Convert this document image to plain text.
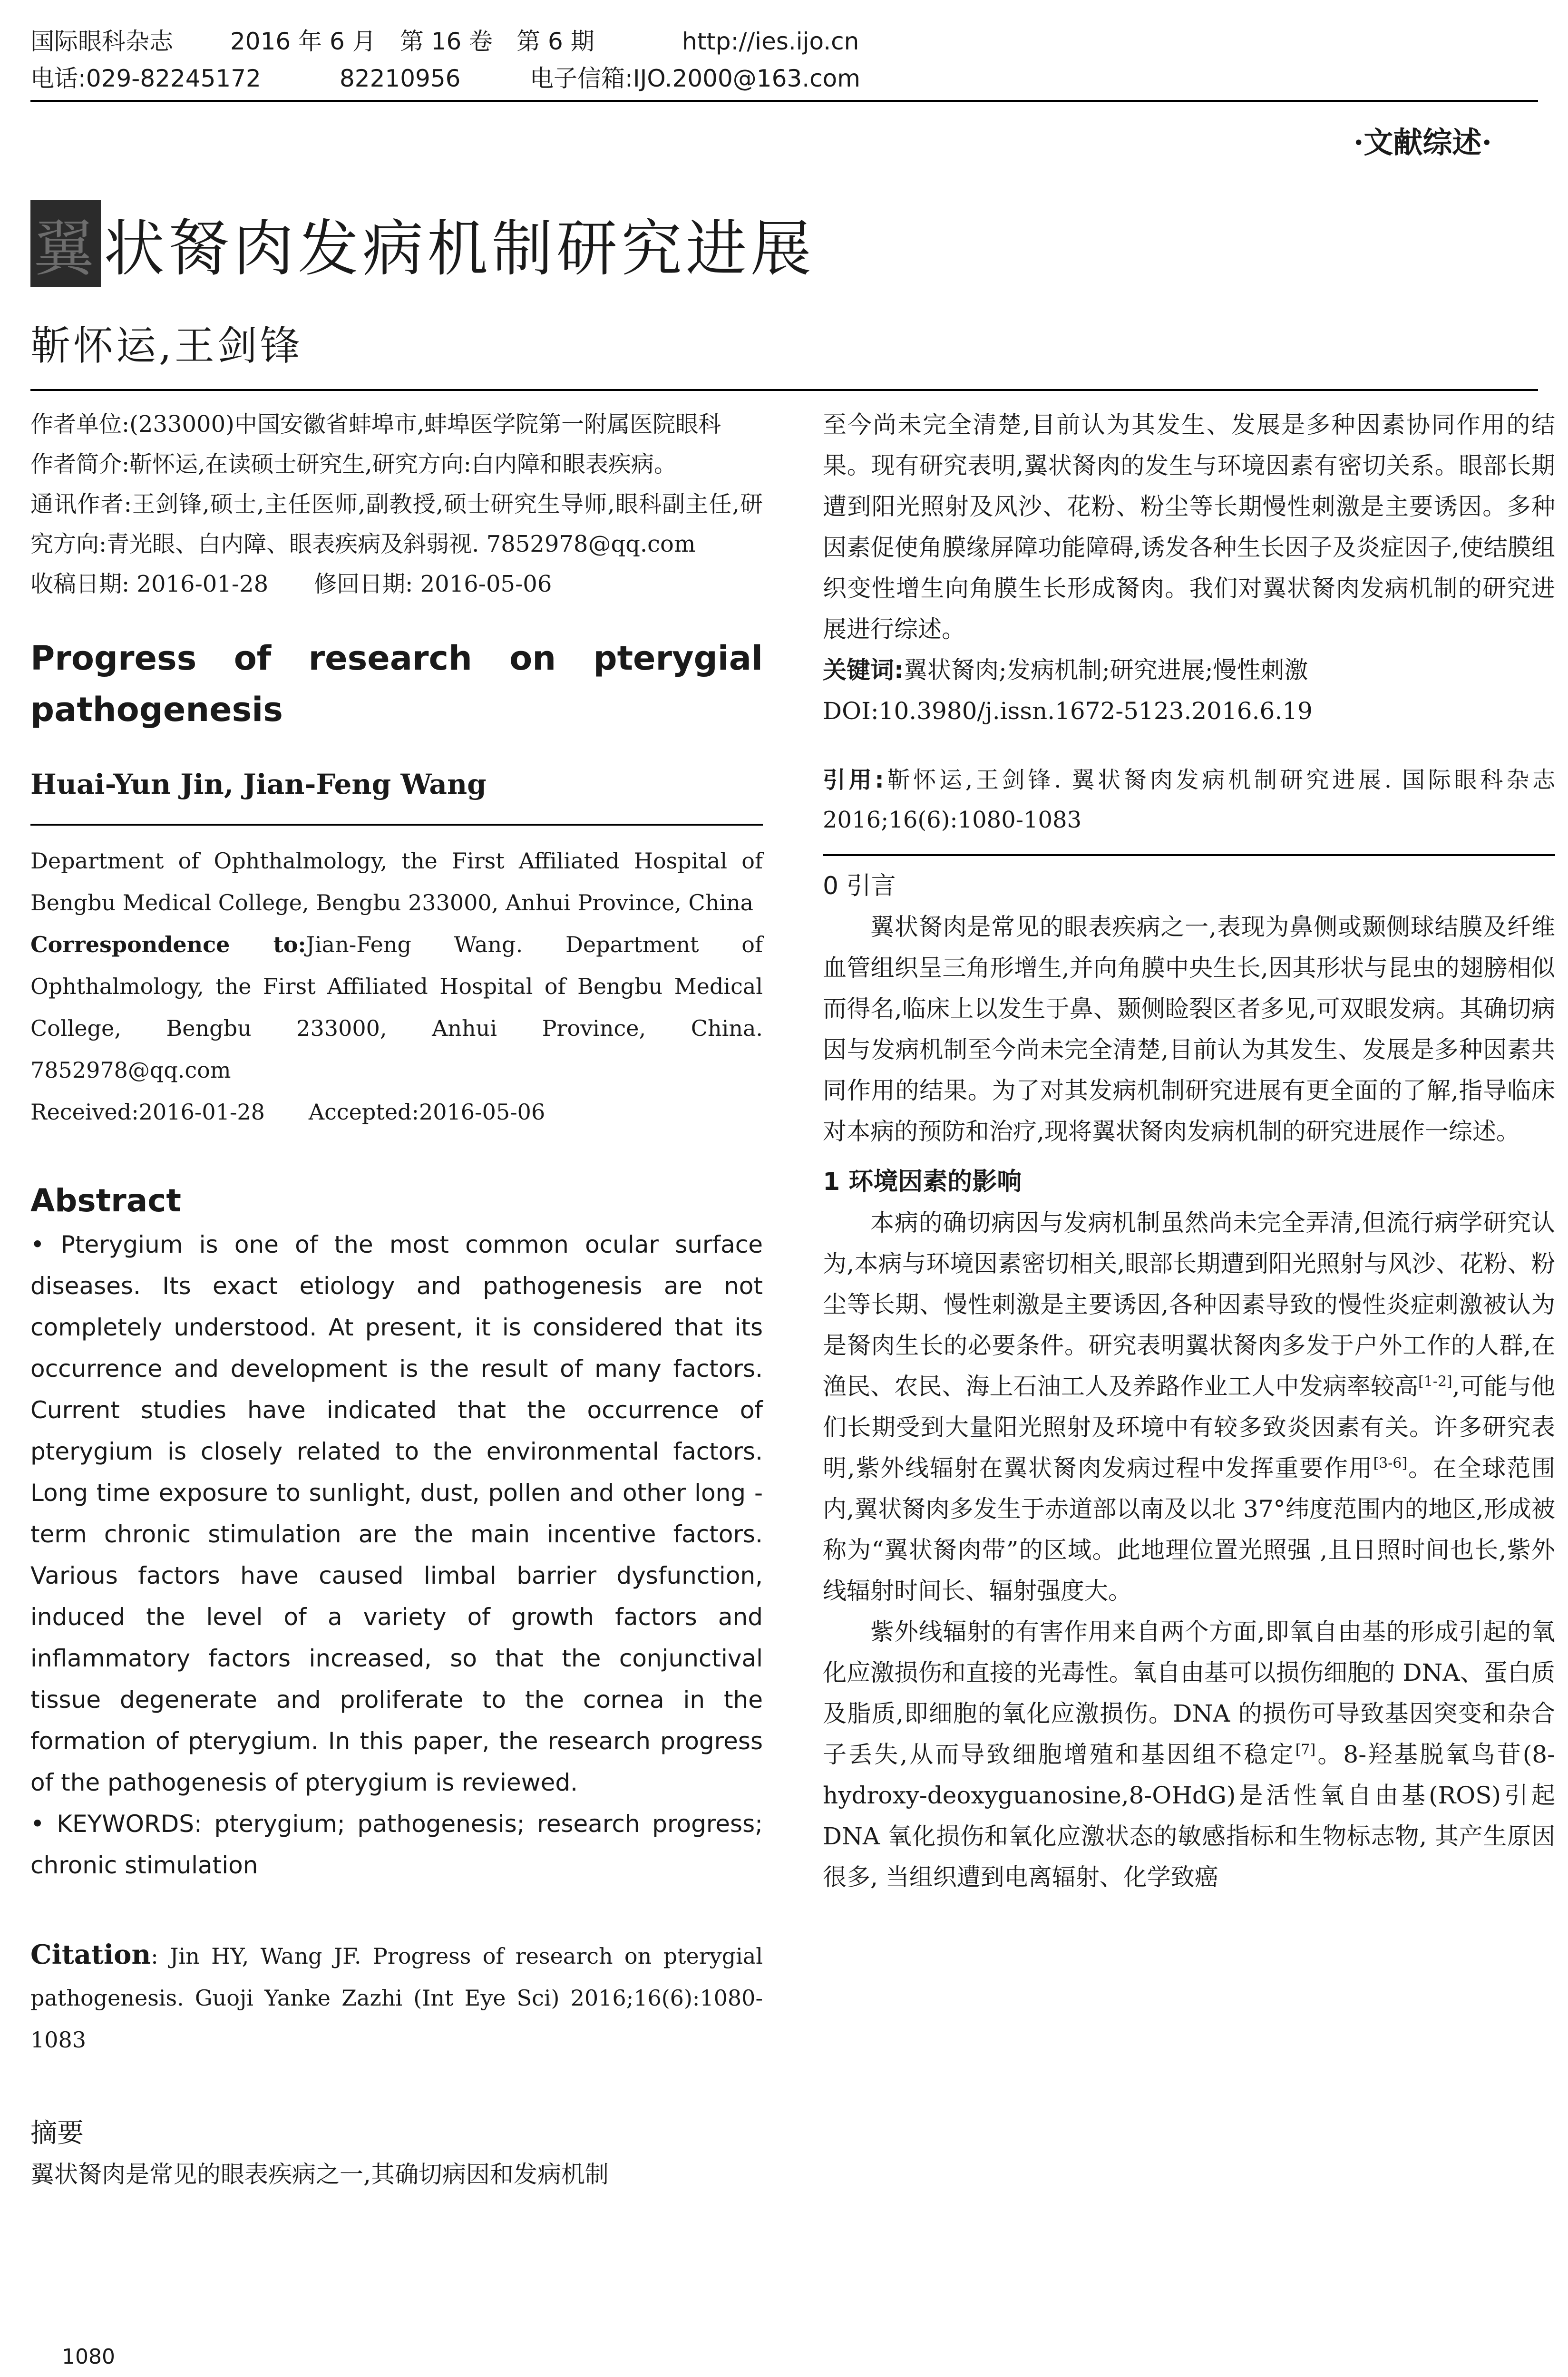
国际眼科杂志 2016 年 6 月　第 16 卷　第 6 期	http://ies.ijo.cn
电话:029-82245172	82210956	电子信箱:IJO.2000@163.com
·文献综述·
翼 状胬肉发病机制研究进展
靳怀运,王剑锋

作者单位:(233000)中国安徽省蚌埠市,蚌埠医学院第一附属医院眼科

作者简介:靳怀运,在读硕士研究生,研究方向:白内障和眼表疾病。

通讯作者:王剑锋,硕士,主任医师,副教授,硕士研究生导师,眼科副主任,研究方向:青光眼、白内障、眼表疾病及斜弱视. 7852978@qq.com

收稿日期: 2016-01-28　　修回日期: 2016-05-06

Progress of research on pterygial pathogenesis
Huai-Yun Jin, Jian-Feng Wang

Department of Ophthalmology, the First Affiliated Hospital of Bengbu Medical College, Bengbu 233000, Anhui Province, China

Correspondence to:Jian-Feng Wang. Department of Ophthalmology, the First Affiliated Hospital of Bengbu Medical College, Bengbu 233000, Anhui Province, China. 7852978@qq.com

Received:2016-01-28　　Accepted:2016-05-06

Abstract

• Pterygium is one of the most common ocular surface diseases. Its exact etiology and pathogenesis are not completely understood. At present, it is considered that its occurrence and development is the result of many factors. Current studies have indicated that the occurrence of pterygium is closely related to the environmental factors. Long time exposure to sunlight, dust, pollen and other long - term chronic stimulation are the main incentive factors. Various factors have caused limbal barrier dysfunction, induced the level of a variety of growth factors and inflammatory factors increased, so that the conjunctival tissue degenerate and proliferate to the cornea in the formation of pterygium. In this paper, the research progress of the pathogenesis of pterygium is reviewed.

• KEYWORDS: pterygium; pathogenesis; research progress; chronic stimulation

Citation: Jin HY, Wang JF. Progress of research on pterygial pathogenesis. Guoji Yanke Zazhi (Int Eye Sci) 2016;16(6):1080-1083

摘要

翼状胬肉是常见的眼表疾病之一,其确切病因和发病机制

至今尚未完全清楚,目前认为其发生、发展是多种因素协同作用的结果。现有研究表明,翼状胬肉的发生与环境因素有密切关系。眼部长期遭到阳光照射及风沙、花粉、粉尘等长期慢性刺激是主要诱因。多种因素促使角膜缘屏障功能障碍,诱发各种生长因子及炎症因子,使结膜组织变性增生向角膜生长形成胬肉。我们对翼状胬肉发病机制的研究进展进行综述。

关键词:翼状胬肉;发病机制;研究进展;慢性刺激

DOI:10.3980/j.issn.1672-5123.2016.6.19

引用:靳怀运,王剑锋. 翼状胬肉发病机制研究进展. 国际眼科杂志 2016;16(6):1080-1083

0 引言

翼状胬肉是常见的眼表疾病之一,表现为鼻侧或颞侧球结膜及纤维血管组织呈三角形增生,并向角膜中央生长,因其形状与昆虫的翅膀相似而得名,临床上以发生于鼻、颞侧睑裂区者多见,可双眼发病。其确切病因与发病机制至今尚未完全清楚,目前认为其发生、发展是多种因素共同作用的结果。为了对其发病机制研究进展有更全面的了解,指导临床对本病的预防和治疗,现将翼状胬肉发病机制的研究进展作一综述。

1 环境因素的影响

本病的确切病因与发病机制虽然尚未完全弄清,但流行病学研究认为,本病与环境因素密切相关,眼部长期遭到阳光照射与风沙、花粉、粉尘等长期、慢性刺激是主要诱因,各种因素导致的慢性炎症刺激被认为是胬肉生长的必要条件。研究表明翼状胬肉多发于户外工作的人群,在渔民、农民、海上石油工人及养路作业工人中发病率较高[1-2],可能与他们长期受到大量阳光照射及环境中有较多致炎因素有关。许多研究表明,紫外线辐射在翼状胬肉发病过程中发挥重要作用[3-6]。在全球范围内,翼状胬肉多发生于赤道部以南及以北 37°纬度范围内的地区,形成被称为“翼状胬肉带”的区域。此地理位置光照强 ,且日照时间也长,紫外线辐射时间长、辐射强度大。

紫外线辐射的有害作用来自两个方面,即氧自由基的形成引起的氧化应激损伤和直接的光毒性。氧自由基可以损伤细胞的 DNA、蛋白质及脂质,即细胞的氧化应激损伤。DNA 的损伤可导致基因突变和杂合子丢失,从而导致细胞增殖和基因组不稳定[7]。8-羟基脱氧鸟苷(8-hydroxy-deoxyguanosine,8-OHdG)是活性氧自由基(ROS)引起 DNA 氧化损伤和氧化应激状态的敏感指标和生物标志物, 其产生原因很多, 当组织遭到电离辐射、化学致癌

1080
